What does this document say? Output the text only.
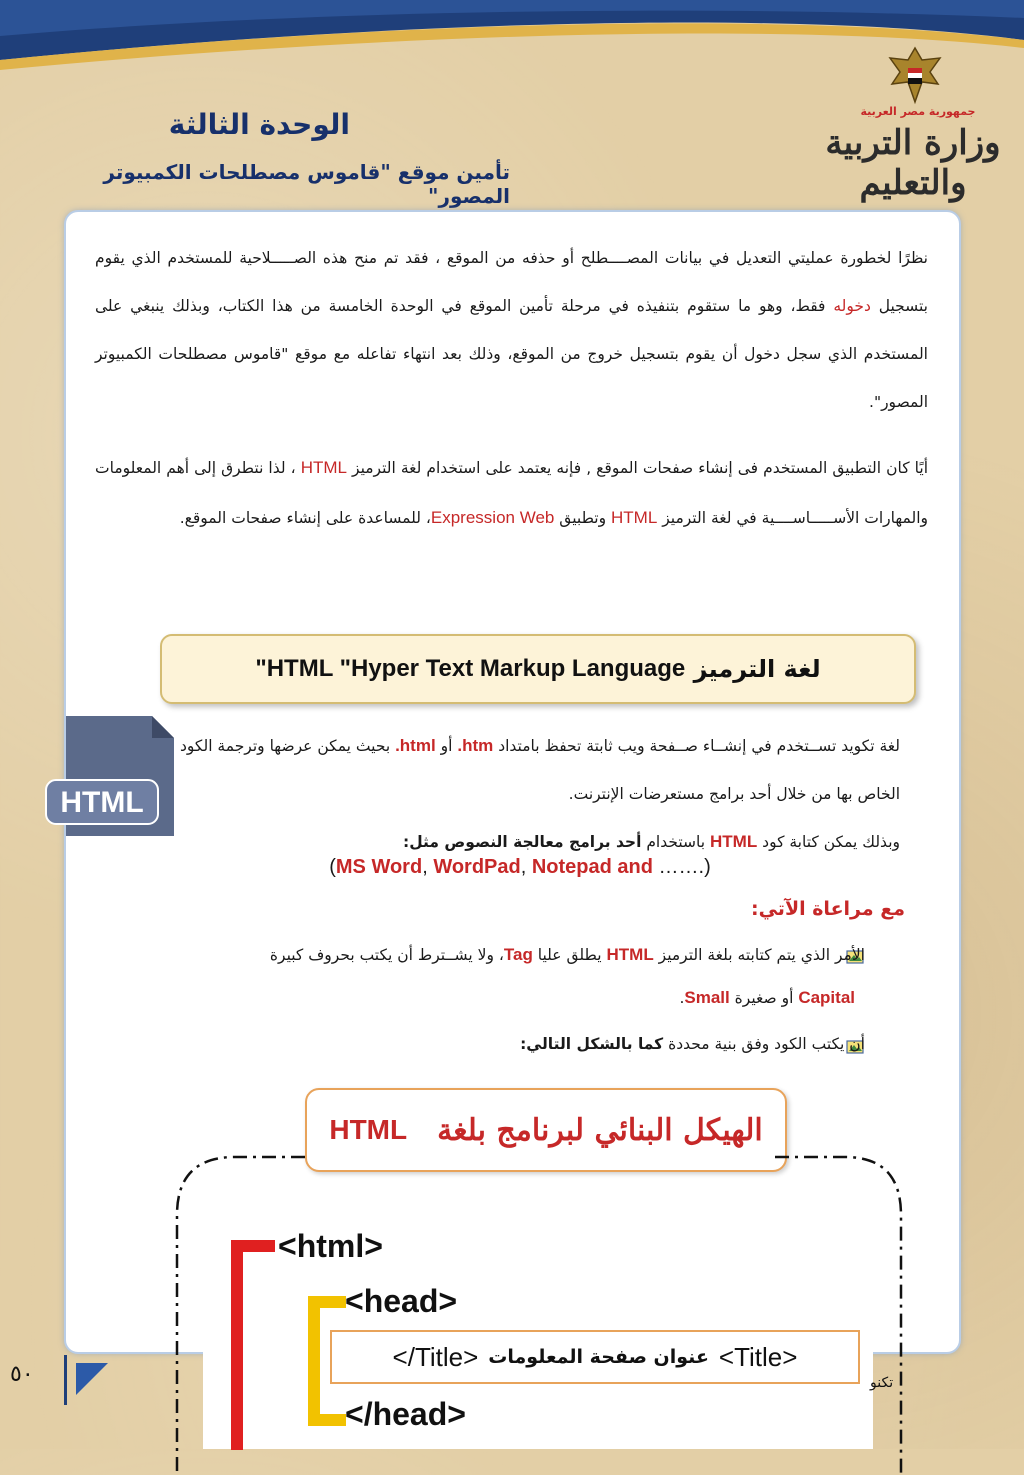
جمهورية مصر العربية
وزارة التربية والتعليم
الوحدة الثالثة
تأمين موقع "قاموس مصطلحات الكمبيوتر المصور"
نظرًا لخطورة عمليتي التعديل في بيانات المصــــطلح أو حذفه من الموقع ، فقد تم منح هذه الصـــــلاحية للمستخدم الذي يقوم بتسجيل دخوله فقط، وهو ما ستقوم بتنفيذه في مرحلة تأمين الموقع في الوحدة الخامسة من هذا الكتاب، وبذلك ينبغي على المستخدم الذي سجل دخول أن يقوم بتسجيل خروج من الموقع، وذلك بعد انتهاء تفاعله مع موقع "قاموس مصطلحات الكمبيوتر المصور".
أيًا كان التطبيق المستخدم فى إنشاء صفحات الموقع , فإنه يعتمد على استخدام لغة الترميز HTML ، لذا نتطرق إلى أهم المعلومات والمهارات الأســـــاســــية في لغة الترميز HTML وتطبيق Expression Web، للمساعدة على إنشاء صفحات الموقع.
لغة الترميز

"HTML "Hyper Text Markup Language
HTML
لغة تكويد تســتخدم في إنشــاء صــفحة ويب ثابتة تحفظ بامتداد .htm أو .html بحيث يمكن عرضها وترجمة الكود الخاص بها من خلال أحد برامج مستعرضات الإنترنت.
وبذلك يمكن كتابة كود HTML باستخدام أحد برامج معالجة النصوص مثل:
(MS Word, WordPad, Notepad and …….)
مع مراعاة الآتي:
الأمر الذي يتم كتابته بلغة الترميز HTML يطلق عليا Tag، ولا يشــترط أن يكتب بحروف كبيرة
Capital أو صغيرة Small.
أن يكتب الكود وفق بنية محددة كما بالشكل التالي:
الهيكل البنائي لبرنامج بلغة
HTML
<html>
<head>
</Title> عنوان صفحة المعلومات <Title>
</head>
٥٠	تكنو
